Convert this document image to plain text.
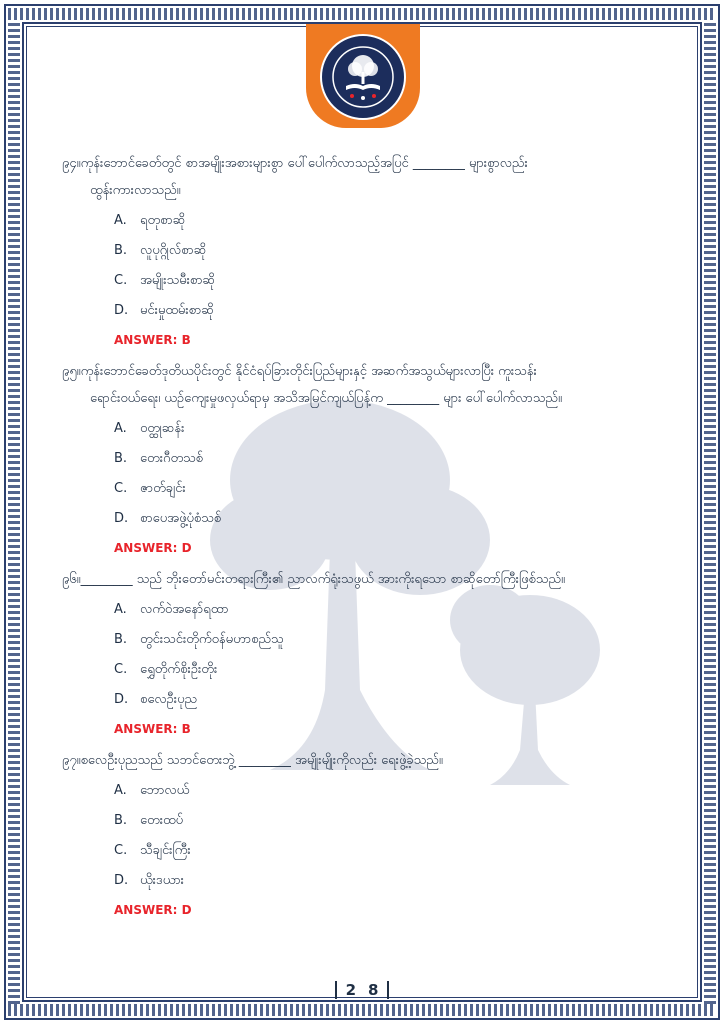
၉၄။ကုန်းဘောင်ခေတ်တွင် စာအမျိုးအစားများစွာ ပေါ်ပေါက်လာသည့်အပြင် ________ များစွာလည်း
ထွန်းကားလာသည်။

A.	ရတုစာဆို
B. လူပုဂ္ဂိုလ်စာဆို
C. အမျိုးသမီးစာဆို
D. မင်းမှုထမ်းစာဆို
ANSWER: B

၉၅။ကုန်းဘောင်ခေတ်ဒုတိယပိုင်းတွင် နိုင်ငံရပ်ခြားတိုင်းပြည်များနှင့် အဆက်အသွယ်များလာပြီး ကူးသန်း
ရောင်းဝယ်ရေး၊ ယဉ်ကျေးမှုဖလှယ်ရာမှ အသိအမြင်ကျယ်ပြန့်က ________ များ ပေါ်ပေါက်လာသည်။

A.	ဝတ္ထုဆန်း
B. တေးဂီတသစ်
C. ဇာတ်ချင်း
D. စာပေအဖွဲ့ပုံစံသစ်
ANSWER: D

၉၆။________ သည် ဘိုးတော်မင်းတရားကြီး၏ ညာလက်ရုံးသဖွယ် အားကိုးရသော စာဆိုတော်ကြီးဖြစ်သည်။

A.	လက်ဝဲအနော်ရထာ
B. တွင်းသင်းတိုက်ဝန်မဟာစည်သူ
C. ရွှေတိုက်စိုးဦးတိုး
D. စလေဦးပုည
ANSWER: B

၉၇။စလေဦးပုညသည် သဘင်တေးဘွဲ့ ________ အမျိုးမျိုးကိုလည်း ရေးဖွဲ့ခဲ့သည်။

A.	ဘောလယ်
B. တေးထပ်
C. သီချင်းကြီး
D. ယိုးဒယား
ANSWER: D
2 8
